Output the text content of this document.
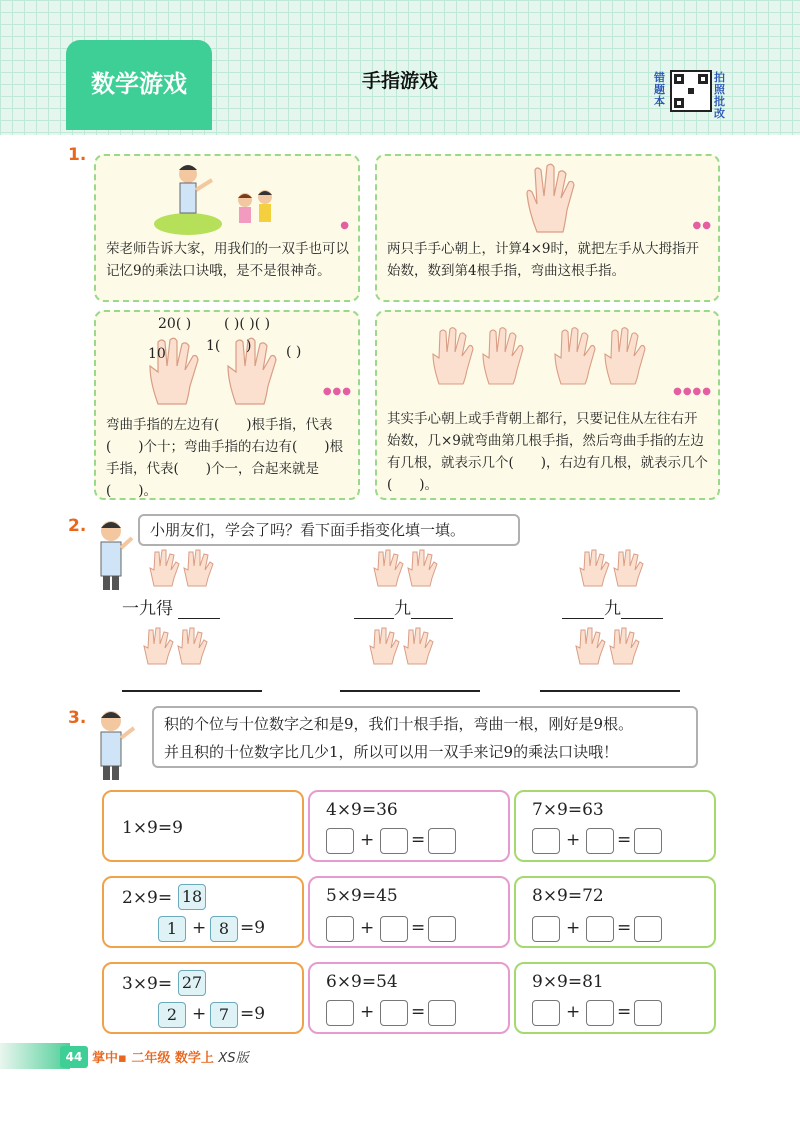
数学游戏	手指游戏	错题本
拍照批改
1.
●
荣老师告诉大家，用我们的一双手也可以记忆9的乘法口诀哦，是不是很神奇。
●●
两只手手心朝上，计算4×9时，就把左手从大拇指开始数，数到第4根手指，弯曲这根手指。
20( ) ( )( )( )
10	1( ) ( )
●●●
弯曲手指的左边有(　　)根手指，代表(　　)个十；弯曲手指的右边有(　　)根手指，代表(　　)个一，合起来就是(　　)。
●●●●
其实手心朝上或手背朝上都行，只要记住从左往右开始数，几×9就弯曲第几根手指，然后弯曲手指的左边有几根，就表示几个(　　)，右边有几根，就表示几个(　　)。
2.	小朋友们，学会了吗？看下面手指变化填一填。
一九得	九	九
3.	积的个位与十位数字之和是9，我们十根手指，弯曲一根，刚好是9根。
并且积的十位数字比几少1，所以可以用一双手来记9的乘法口诀哦！
1×9=9
4×9=36
+ =
7×9=63
+ =
2×9= 18
1 + 8 =9
5×9=45
+ =
8×9=72
+ =
3×9= 27
2 + 7 =9
6×9=54
+ =
9×9=81
+ =
44 掌中▪ 二年级 数学上 XS版
